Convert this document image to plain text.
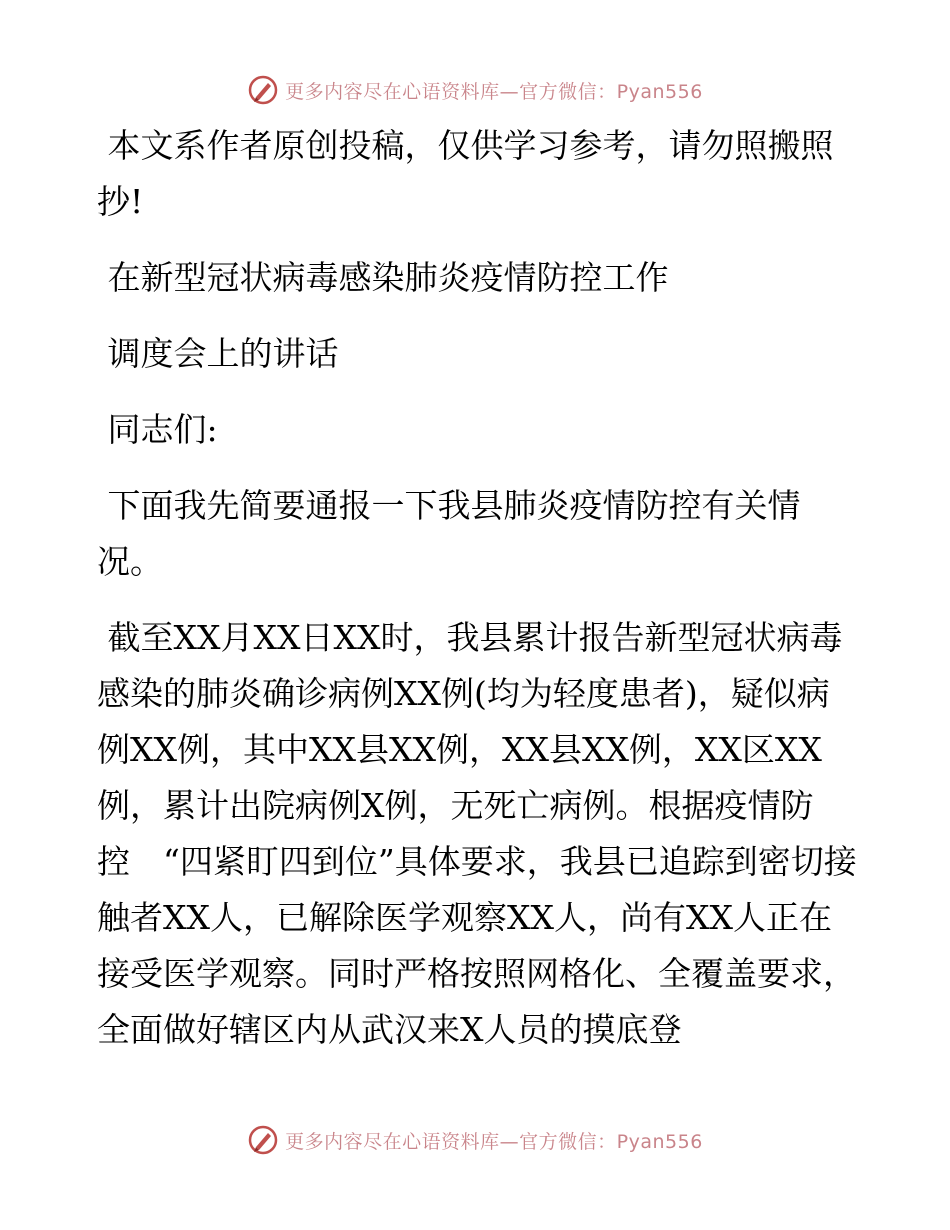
更多内容尽在心语资料库—官方微信：Pyan556

本文系作者原创投稿，仅供学习参考，请勿照搬照抄!

在新型冠状病毒感染肺炎疫情防控工作

调度会上的讲话

同志们:

下面我先简要通报一下我县肺炎疫情防控有关情况。

截至XX月XX日XX时，我县累计报告新型冠状病毒感染的肺炎确诊病例XX例(均为轻度患者)，疑似病例XX例，其中XX县XX例，XX县XX例，XX区XX例，累计出院病例X例，无死亡病例。根据疫情防控　“四紧盯四到位”具体要求，我县已追踪到密切接触者XX人，已解除医学观察XX人，尚有XX人正在接受医学观察。同时严格按照网格化、全覆盖要求，全面做好辖区内从武汉来X人员的摸底登

更多内容尽在心语资料库—官方微信：Pyan556
